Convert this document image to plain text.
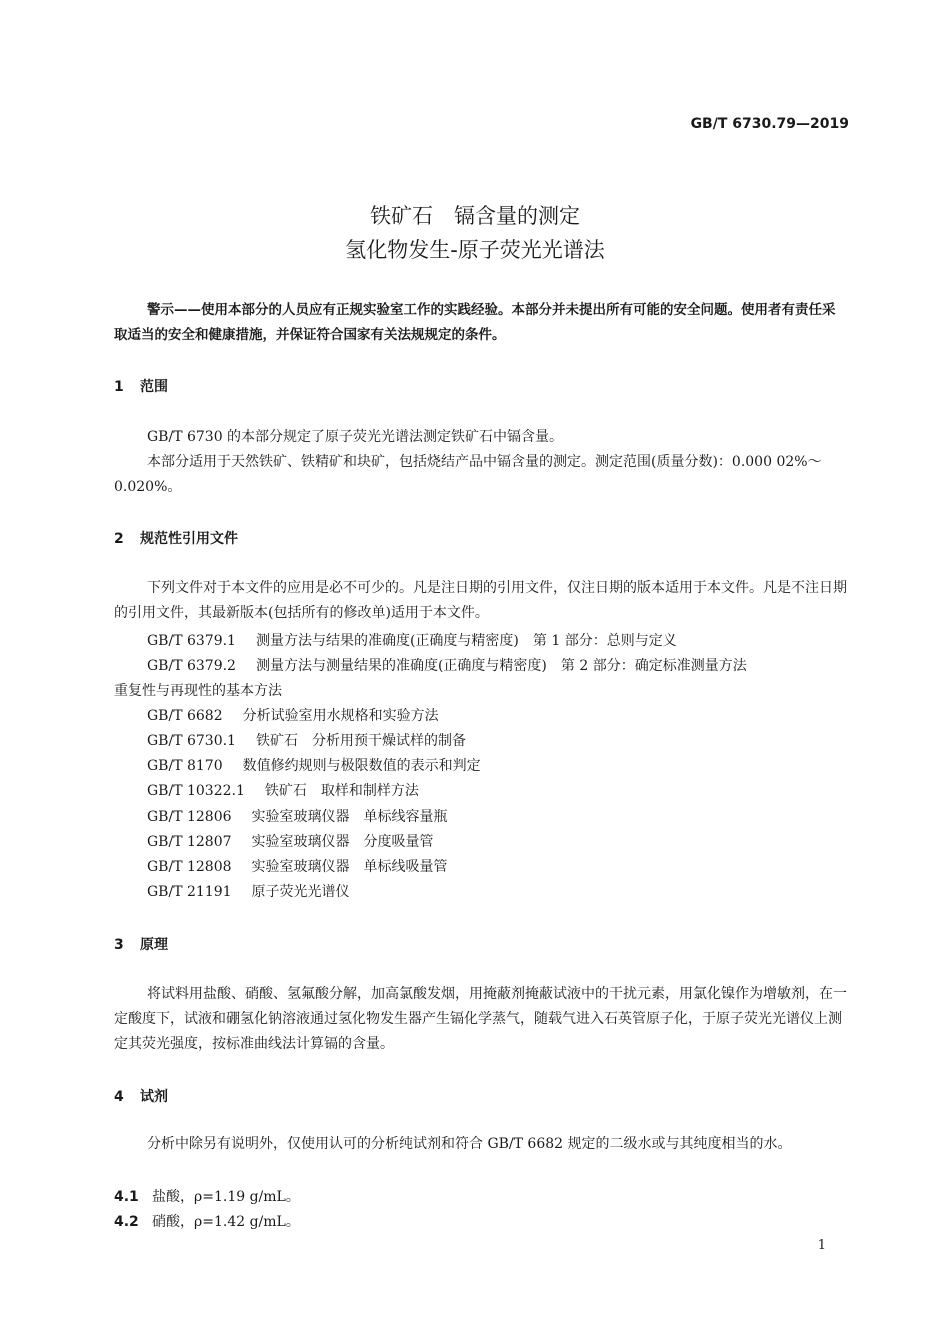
GB/T 6730.79—2019
铁矿石　镉含量的测定
氢化物发生-原子荧光光谱法
警示——使用本部分的人员应有正规实验室工作的实践经验。本部分并未提出所有可能的安全问题。使用者有责任采取适当的安全和健康措施，并保证符合国家有关法规规定的条件。
1 范围
GB/T 6730 的本部分规定了原子荧光光谱法测定铁矿石中镉含量。
本部分适用于天然铁矿、铁精矿和块矿，包括烧结产品中镉含量的测定。测定范围(质量分数)：0.000 02%～0.020%。
2 规范性引用文件
下列文件对于本文件的应用是必不可少的。凡是注日期的引用文件，仅注日期的版本适用于本文件。凡是不注日期的引用文件，其最新版本(包括所有的修改单)适用于本文件。
GB/T 6379.1 测量方法与结果的准确度(正确度与精密度)　第 1 部分：总则与定义
GB/T 6379.2 测量方法与测量结果的准确度(正确度与精密度)　第 2 部分：确定标准测量方法
重复性与再现性的基本方法
GB/T 6682 分析试验室用水规格和实验方法
GB/T 6730.1 铁矿石　分析用预干燥试样的制备
GB/T 8170 数值修约规则与极限数值的表示和判定
GB/T 10322.1 铁矿石　取样和制样方法
GB/T 12806 实验室玻璃仪器　单标线容量瓶
GB/T 12807 实验室玻璃仪器　分度吸量管
GB/T 12808 实验室玻璃仪器　单标线吸量管
GB/T 21191 原子荧光光谱仪
3 原理
将试料用盐酸、硝酸、氢氟酸分解，加高氯酸发烟，用掩蔽剂掩蔽试液中的干扰元素，用氯化镍作为增敏剂，在一定酸度下，试液和硼氢化钠溶液通过氢化物发生器产生镉化学蒸气，随载气进入石英管原子化，于原子荧光光谱仪上测定其荧光强度，按标准曲线法计算镉的含量。
4 试剂
分析中除另有说明外，仅使用认可的分析纯试剂和符合 GB/T 6682 规定的二级水或与其纯度相当的水。
4.1 盐酸，ρ=1.19 g/mL。
4.2 硝酸，ρ=1.42 g/mL。
1
